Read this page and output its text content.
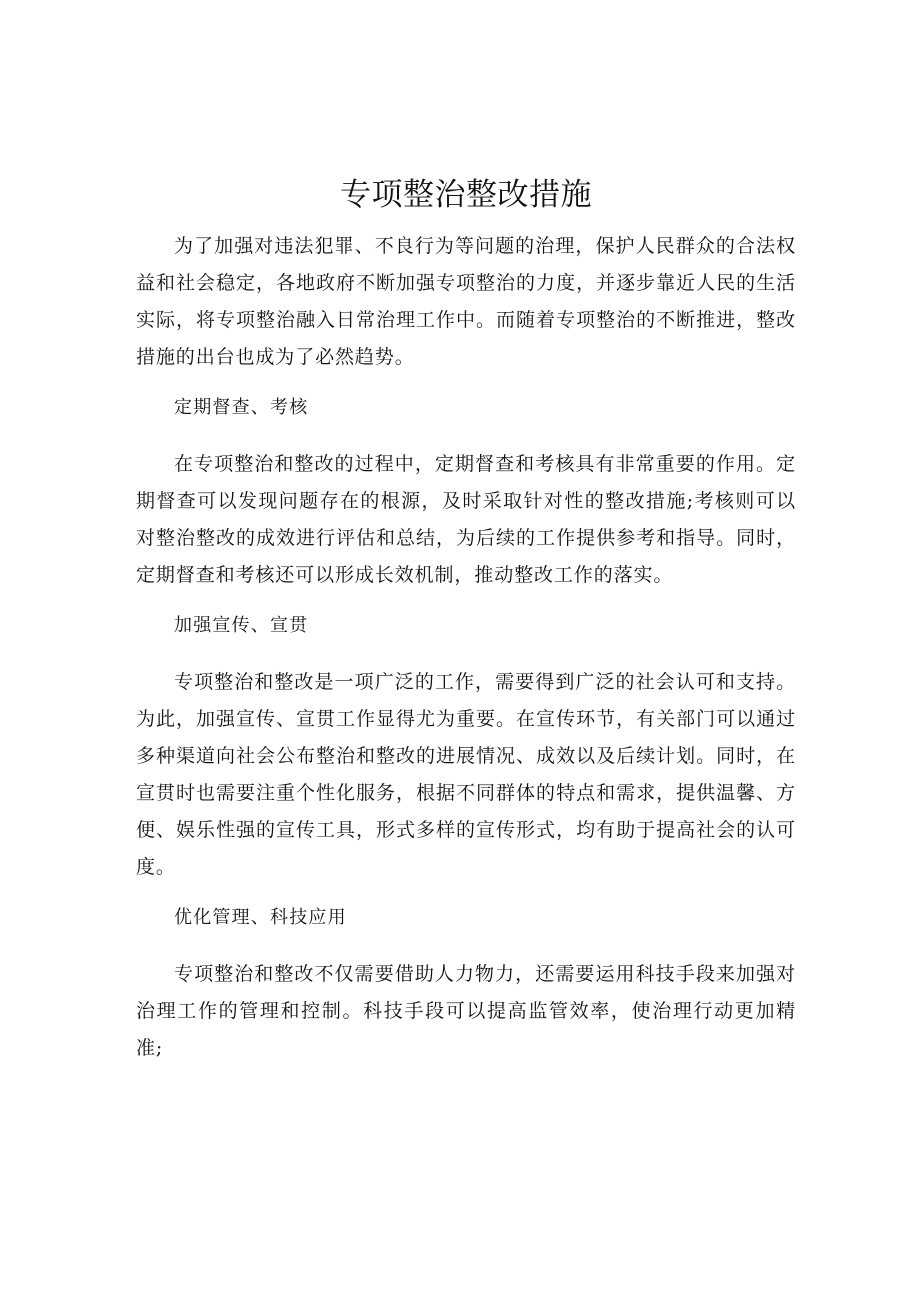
专项整治整改措施

为了加强对违法犯罪、不良行为等问题的治理，保护人民群众的合法权益和社会稳定，各地政府不断加强专项整治的力度，并逐步靠近人民的生活实际，将专项整治融入日常治理工作中。而随着专项整治的不断推进，整改措施的出台也成为了必然趋势。

定期督查、考核

在专项整治和整改的过程中，定期督查和考核具有非常重要的作用。定期督查可以发现问题存在的根源，及时采取针对性的整改措施;考核则可以对整治整改的成效进行评估和总结，为后续的工作提供参考和指导。同时，定期督查和考核还可以形成长效机制，推动整改工作的落实。

加强宣传、宣贯

专项整治和整改是一项广泛的工作，需要得到广泛的社会认可和支持。为此，加强宣传、宣贯工作显得尤为重要。在宣传环节，有关部门可以通过多种渠道向社会公布整治和整改的进展情况、成效以及后续计划。同时，在宣贯时也需要注重个性化服务，根据不同群体的特点和需求，提供温馨、方便、娱乐性强的宣传工具，形式多样的宣传形式，均有助于提高社会的认可度。

优化管理、科技应用

专项整治和整改不仅需要借助人力物力，还需要运用科技手段来加强对治理工作的管理和控制。科技手段可以提高监管效率，使治理行动更加精准;
